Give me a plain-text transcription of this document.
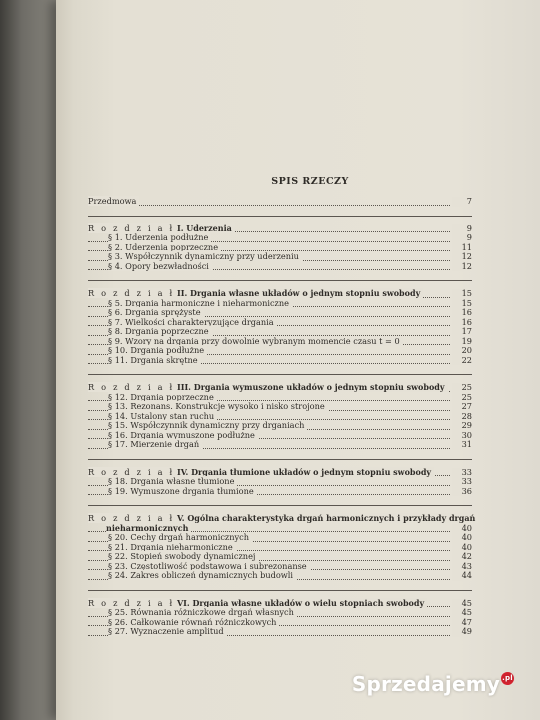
SPIS RZECZY
Przedmowa	7
R o z d z i a ł I. Uderzenia	9
§ 1. Uderzenia podłużne	9
§ 2. Uderzenia poprzeczne	11
§ 3. Współczynnik dynamiczny przy uderzeniu	12
§ 4. Opory bezwładności	12
R o z d z i a ł II. Drgania własne układów o jednym stopniu swobody	15
§ 5. Drgania harmoniczne i nieharmoniczne	15
§ 6. Drgania sprężyste	16
§ 7. Wielkości charakteryzujące drgania	16
§ 8. Drgania poprzeczne	17
§ 9. Wzory na drgania przy dowolnie wybranym momencie czasu t = 0	19
§ 10. Drgania podłużne	20
§ 11. Drgania skrętne	22
R o z d z i a ł III. Drgania wymuszone układów o jednym stopniu swobody	25
§ 12. Drgania poprzeczne	25
§ 13. Rezonans. Konstrukcje wysoko i nisko strojone	27
§ 14. Ustalony stan ruchu	28
§ 15. Współczynnik dynamiczny przy drganiach	29
§ 16. Drgania wymuszone podłużne	30
§ 17. Mierzenie drgań	31
R o z d z i a ł IV. Drgania tłumione układów o jednym stopniu swobody	33
§ 18. Drgania własne tłumione	33
§ 19. Wymuszone drgania tłumione	36
R o z d z i a ł V. Ogólna charakterystyka drgań harmonicznych i przykłady drgań
nieharmonicznych	40
§ 20. Cechy drgań harmonicznych	40
§ 21. Drgania nieharmoniczne	40
§ 22. Stopień swobody dynamicznej	42
§ 23. Częstotliwość podstawowa i subrezonanse	43
§ 24. Zakres obliczeń dynamicznych budowli	44
R o z d z i a ł VI. Drgania własne układów o wielu stopniach swobody	45
§ 25. Równania różniczkowe drgań własnych	45
§ 26. Całkowanie równań różniczkowych	47
§ 27. Wyznaczenie amplitud	49
Sprzedajemy .pl
